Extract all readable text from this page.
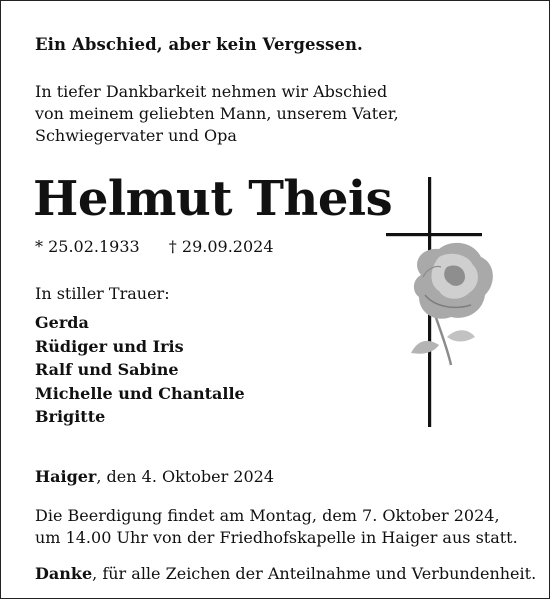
Ein Abschied, aber kein Vergessen.
In tiefer Dankbarkeit nehmen wir Abschied
von meinem geliebten Mann, unserem Vater,
Schwiegervater und Opa
Helmut Theis
* 25.02.1933 † 29.09.2024
In stiller Trauer:
Gerda
Rüdiger und Iris
Ralf und Sabine
Michelle und Chantalle
Brigitte
Haiger, den 4. Oktober 2024
Die Beerdigung findet am Montag, dem 7. Oktober 2024,
um 14.00 Uhr von der Friedhofskapelle in Haiger aus statt.
Danke, für alle Zeichen der Anteilnahme und Verbundenheit.
